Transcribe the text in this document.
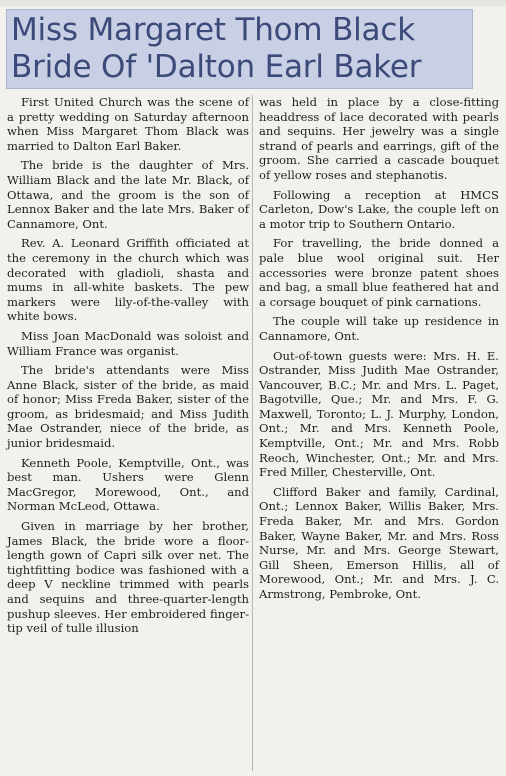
Miss Margaret Thom Black
Bride Of 'Dalton Earl Baker

First United Church was the scene of a pretty wedding on Saturday afternoon when Miss Margaret Thom Black was married to Dalton Earl Baker.

The bride is the daughter of Mrs. William Black and the late Mr. Black, of Ottawa, and the groom is the son of Lennox Baker and the late Mrs. Baker of Cannamore, Ont.

Rev. A. Leonard Griffith officiated at the ceremony in the church which was decorated with gladioli, shasta and mums in all-white baskets. The pew markers were lily-of-the-valley with white bows.

Miss Joan MacDonald was soloist and William France was organist.

The bride's attendants were Miss Anne Black, sister of the bride, as maid of honor; Miss Freda Baker, sister of the groom, as bridesmaid; and Miss Judith Mae Ostrander, niece of the bride, as junior bridesmaid.

Kenneth Poole, Kemptville, Ont., was best man. Ushers were Glenn MacGregor, Morewood, Ont., and Norman McLeod, Ottawa.

Given in marriage by her brother, James Black, the bride wore a floor-length gown of Capri silk over net. The tightfitting bodice was fashioned with a deep V neckline trimmed with pearls and sequins and three-quarter-length pushup sleeves. Her embroidered finger-tip veil of tulle illusion

was held in place by a close-fitting headdress of lace decorated with pearls and sequins. Her jewelry was a single strand of pearls and earrings, gift of the groom. She carried a cascade bouquet of yellow roses and stephanotis.

Following a reception at HMCS Carleton, Dow's Lake, the couple left on a motor trip to Southern Ontario.

For travelling, the bride donned a pale blue wool original suit. Her accessories were bronze patent shoes and bag, a small blue feathered hat and a corsage bouquet of pink carnations.

The couple will take up residence in Cannamore, Ont.

Out-of-town guests were: Mrs. H. E. Ostrander, Miss Judith Mae Ostrander, Vancouver, B.C.; Mr. and Mrs. L. Paget, Bagotville, Que.; Mr. and Mrs. F. G. Maxwell, Toronto; L. J. Murphy, London, Ont.; Mr. and Mrs. Kenneth Poole, Kemptville, Ont.; Mr. and Mrs. Robb Reoch, Winchester, Ont.; Mr. and Mrs. Fred Miller, Chesterville, Ont.

Clifford Baker and family, Cardinal, Ont.; Lennox Baker, Willis Baker, Mrs. Freda Baker, Mr. and Mrs. Gordon Baker, Wayne Baker, Mr. and Mrs. Ross Nurse, Mr. and Mrs. George Stewart, Gill Sheen, Emerson Hillis, all of Morewood, Ont.; Mr. and Mrs. J. C. Armstrong, Pembroke, Ont.
